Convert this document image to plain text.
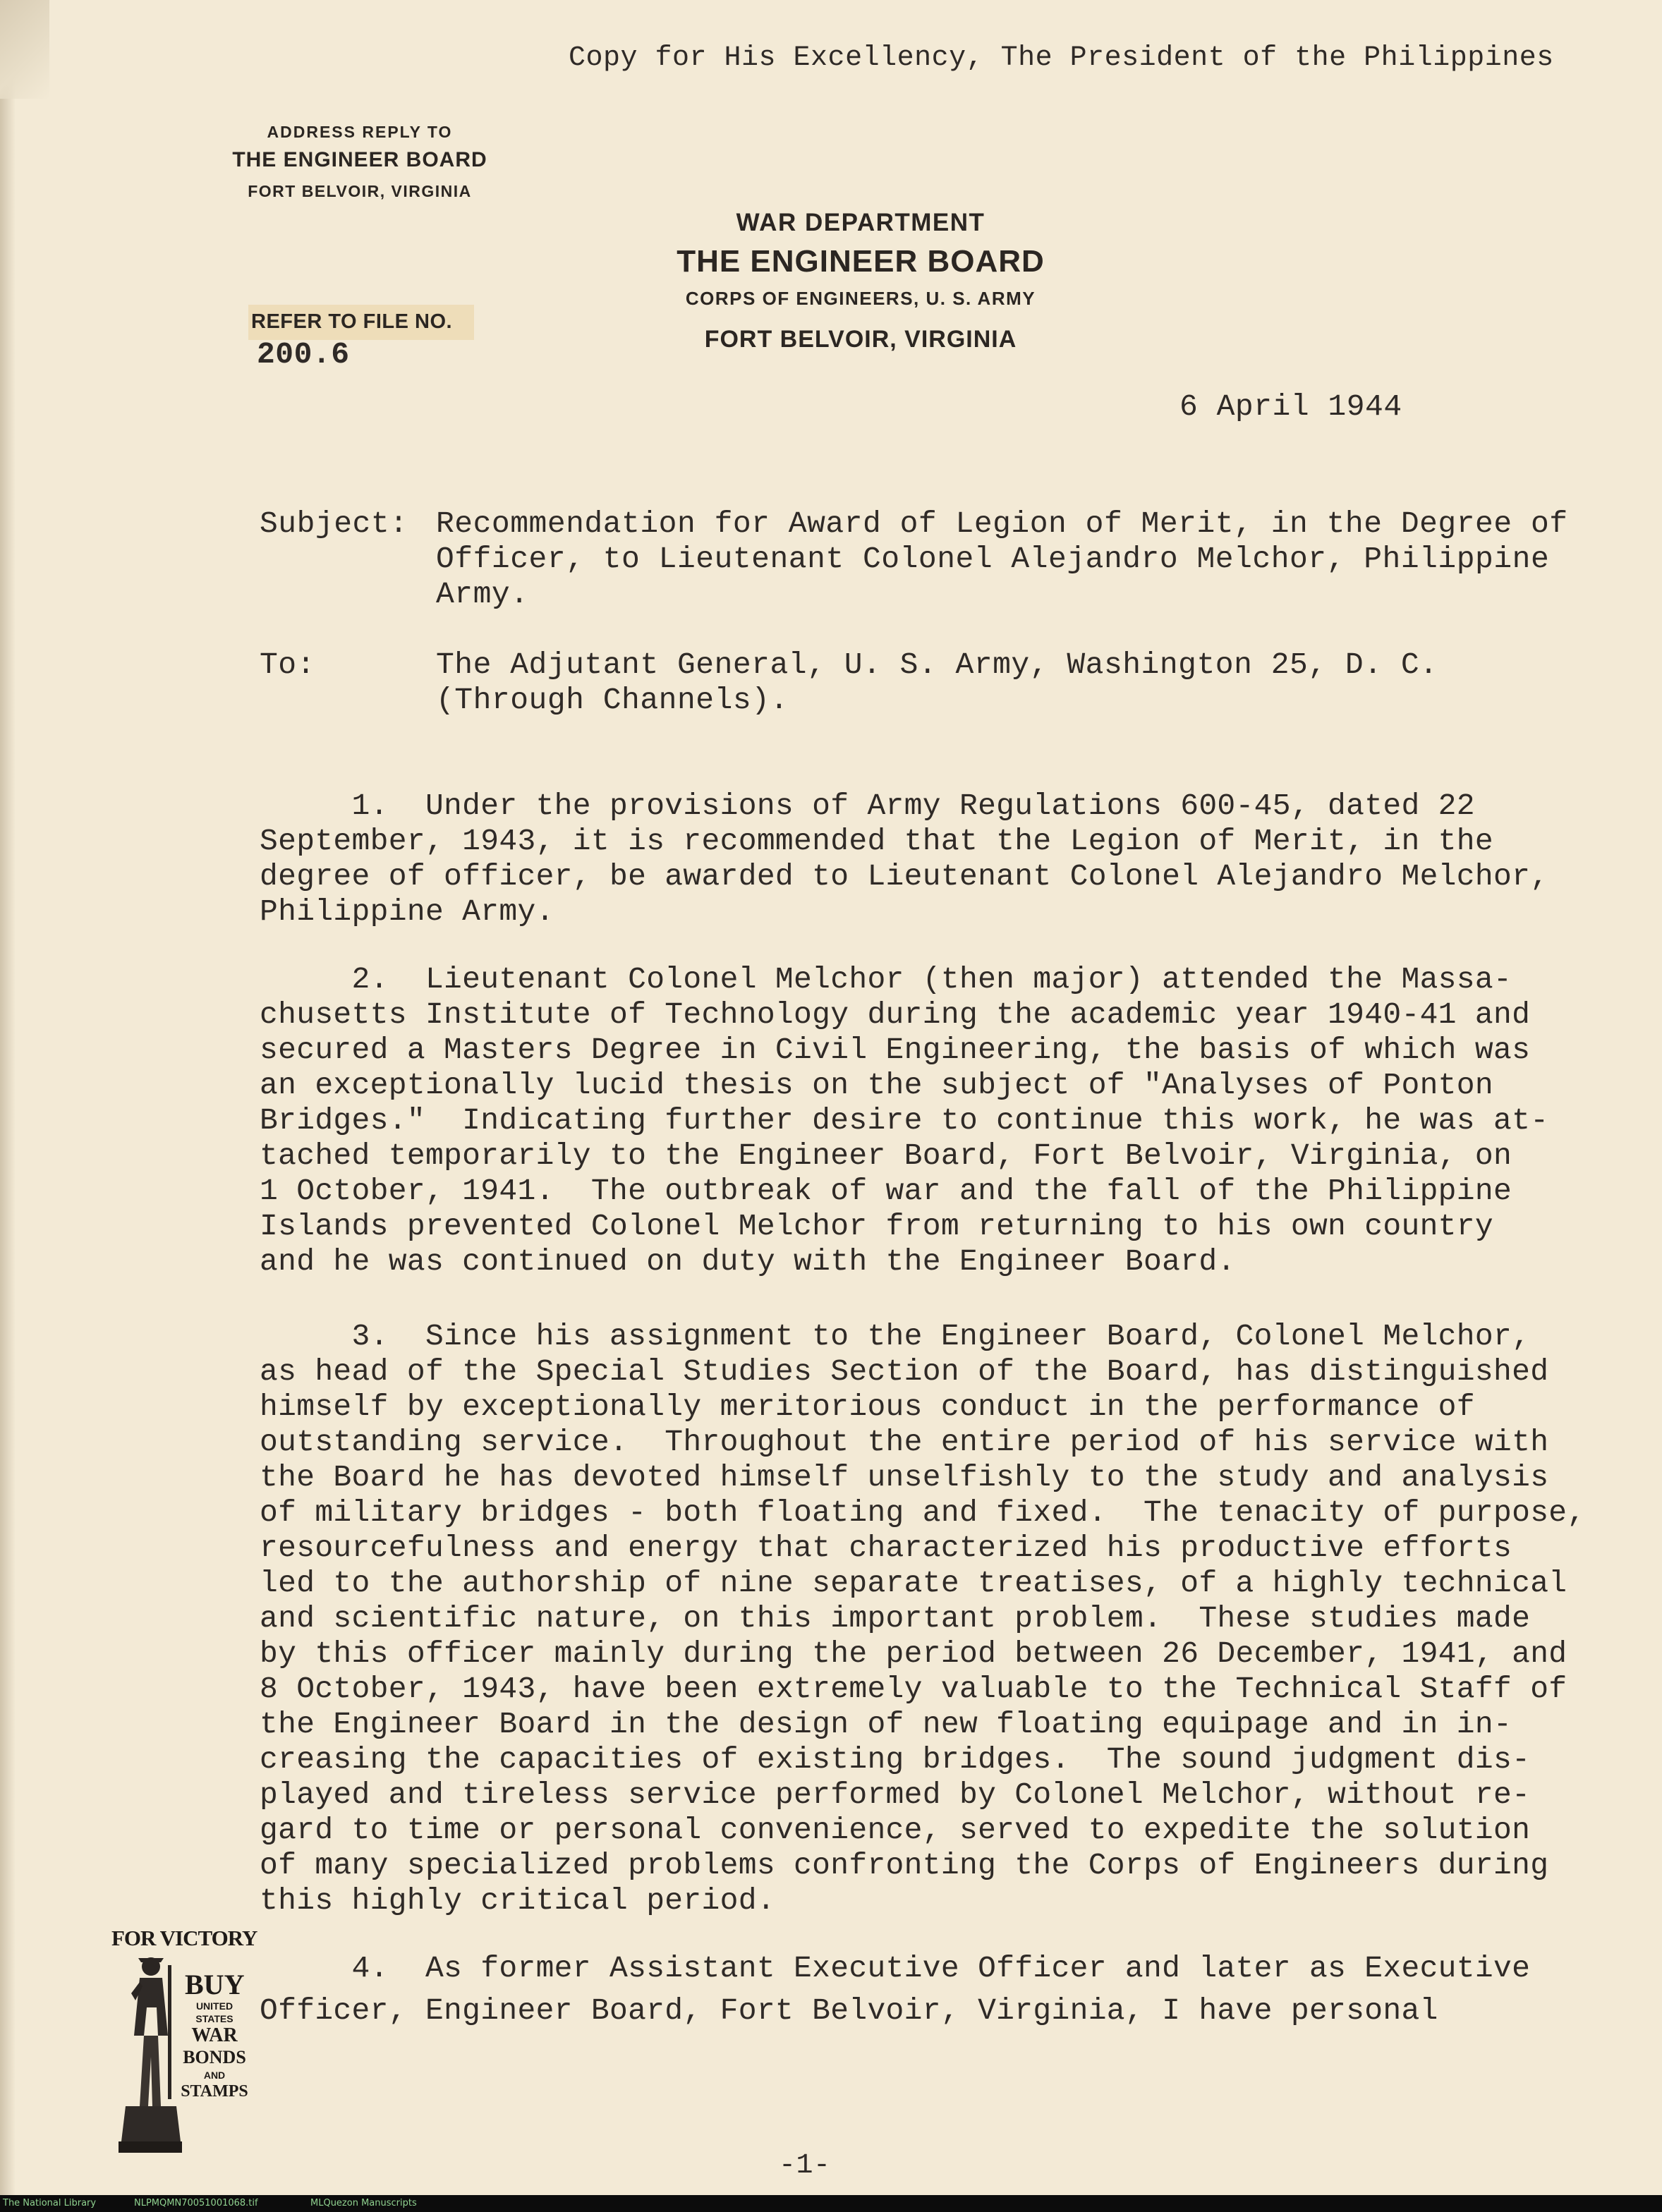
Copy for His Excellency, The President of the Philippines
ADDRESS REPLY TO
THE ENGINEER BOARD
FORT BELVOIR, VIRGINIA
WAR DEPARTMENT
THE ENGINEER BOARD
CORPS OF ENGINEERS, U. S. ARMY
FORT BELVOIR, VIRGINIA
REFER TO FILE NO.
200.6
6 April 1944
Subject: Recommendation for Award of Legion of Merit, in the Degree of
Officer, to Lieutenant Colonel Alejandro Melchor, Philippine
Army.
To:	The Adjutant General, U. S. Army, Washington 25, D. C.
(Through Channels).
1.  Under the provisions of Army Regulations 600-45, dated 22
September, 1943, it is recommended that the Legion of Merit, in the
degree of officer, be awarded to Lieutenant Colonel Alejandro Melchor,
Philippine Army.
2.  Lieutenant Colonel Melchor (then major) attended the Massa-
chusetts Institute of Technology during the academic year 1940-41 and
secured a Masters Degree in Civil Engineering, the basis of which was
an exceptionally lucid thesis on the subject of "Analyses of Ponton
Bridges."  Indicating further desire to continue this work, he was at-
tached temporarily to the Engineer Board, Fort Belvoir, Virginia, on
1 October, 1941.  The outbreak of war and the fall of the Philippine
Islands prevented Colonel Melchor from returning to his own country
and he was continued on duty with the Engineer Board.
3.  Since his assignment to the Engineer Board, Colonel Melchor,
as head of the Special Studies Section of the Board, has distinguished
himself by exceptionally meritorious conduct in the performance of
outstanding service.  Throughout the entire period of his service with
the Board he has devoted himself unselfishly to the study and analysis
of military bridges - both floating and fixed.  The tenacity of purpose,
resourcefulness and energy that characterized his productive efforts
led to the authorship of nine separate treatises, of a highly technical
and scientific nature, on this important problem.  These studies made
by this officer mainly during the period between 26 December, 1941, and
8 October, 1943, have been extremely valuable to the Technical Staff of
the Engineer Board in the design of new floating equipage and in in-
creasing the capacities of existing bridges.  The sound judgment dis-
played and tireless service performed by Colonel Melchor, without re-
gard to time or personal convenience, served to expedite the solution
of many specialized problems confronting the Corps of Engineers during
this highly critical period.
4.  As former Assistant Executive Officer and later as Executive
Officer, Engineer Board, Fort Belvoir, Virginia, I have personal
FOR VICTORY
BUY
UNITED
STATES
WAR
BONDS
AND
STAMPS
-1-
The National Library	NLPMQMN70051001068.tif	MLQuezon Manuscripts
